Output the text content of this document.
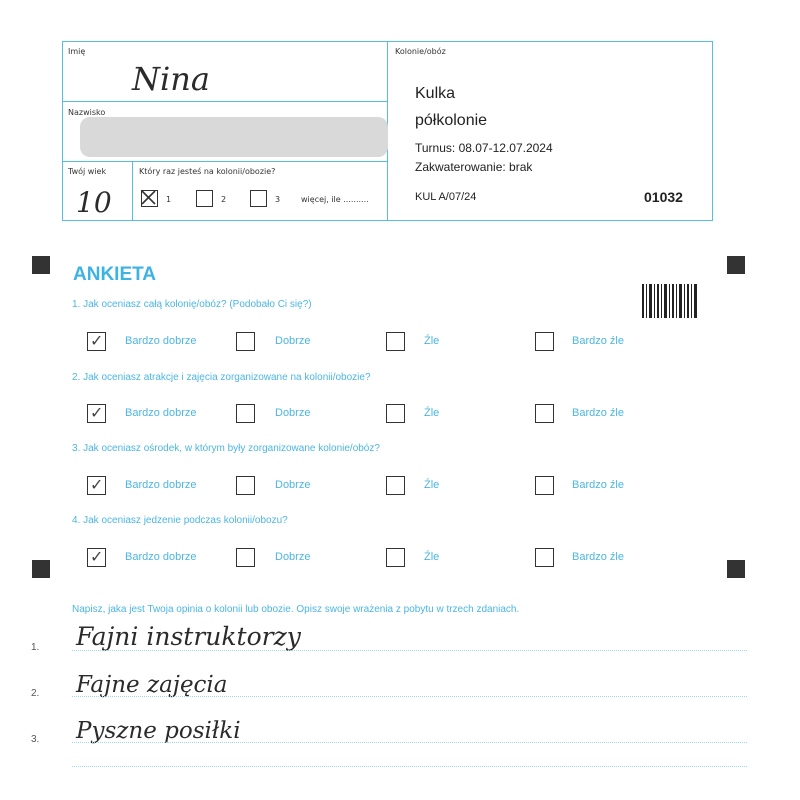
Imię
Nina
Nazwisko
Twój wiek
10
Który raz jesteś na kolonii/obozie?
1	2	3	więcej, ile ..........
Kolonie/obóz
Kulka
półkolonie
Turnus: 08.07-12.07.2024
Zakwaterowanie: brak
KUL A/07/24	01032
ANKIETA
1. Jak oceniasz całą kolonię/obóz? (Podobało Ci się?)
✓ Bardzo dobrze	Dobrze	Źle	Bardzo źle
2. Jak oceniasz atrakcje i zajęcia zorganizowane na kolonii/obozie?
✓ Bardzo dobrze	Dobrze	Źle	Bardzo źle
3. Jak oceniasz ośrodek, w którym były zorganizowane kolonie/obóz?
✓ Bardzo dobrze	Dobrze	Źle	Bardzo źle
4. Jak oceniasz jedzenie podczas kolonii/obozu?
✓ Bardzo dobrze	Dobrze	Źle	Bardzo źle
Napisz, jaka jest Twoja opinia o kolonii lub obozie. Opisz swoje wrażenia z pobytu w trzech zdaniach.
1. Fajni instruktorzy
2. Fajne zajęcia
3. Pyszne posiłki
